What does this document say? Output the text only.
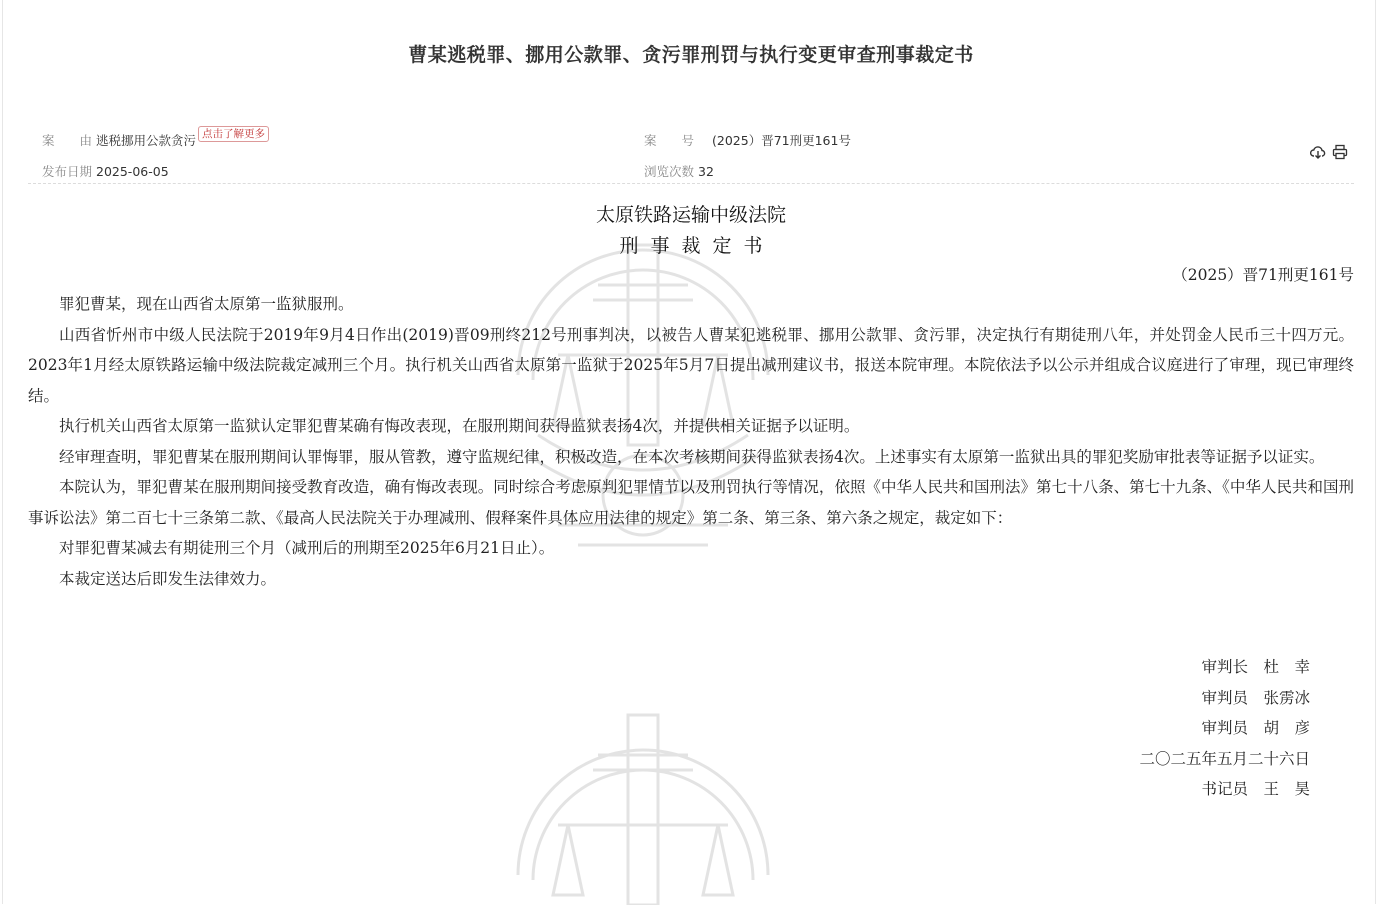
曹某逃税罪、挪用公款罪、贪污罪刑罚与执行变更审查刑事裁定书
案　　由 逃税挪用公款贪污 点击了解更多	案　　号 (2025）晋71刑更161号
发布日期 2025-06-05	浏览次数 32
太原铁路运输中级法院
刑事裁定书
（2025）晋71刑更161号

罪犯曹某，现在山西省太原第一监狱服刑。

山西省忻州市中级人民法院于2019年9月4日作出(2019)晋09刑终212号刑事判决，以被告人曹某犯逃税罪、挪用公款罪、贪污罪，决定执行有期徒刑八年，并处罚金人民币三十四万元。2023年1月经太原铁路运输中级法院裁定减刑三个月。执行机关山西省太原第一监狱于2025年5月7日提出减刑建议书，报送本院审理。本院依法予以公示并组成合议庭进行了审理，现已审理终结。

执行机关山西省太原第一监狱认定罪犯曹某确有悔改表现，在服刑期间获得监狱表扬4次，并提供相关证据予以证明。

经审理查明，罪犯曹某在服刑期间认罪悔罪，服从管教，遵守监规纪律，积极改造，在本次考核期间获得监狱表扬4次。上述事实有太原第一监狱出具的罪犯奖励审批表等证据予以证实。

本院认为，罪犯曹某在服刑期间接受教育改造，确有悔改表现。同时综合考虑原判犯罪情节以及刑罚执行等情况，依照《中华人民共和国刑法》第七十八条、第七十九条、《中华人民共和国刑事诉讼法》第二百七十三条第二款、《最高人民法院关于办理减刑、假释案件具体应用法律的规定》第二条、第三条、第六条之规定，裁定如下：

对罪犯曹某减去有期徒刑三个月（减刑后的刑期至2025年6月21日止）。

本裁定送达后即发生法律效力。

审判长　杜　幸
审判员　张雳冰
审判员　胡　彦
二〇二五年五月二十六日
书记员　王　昊
